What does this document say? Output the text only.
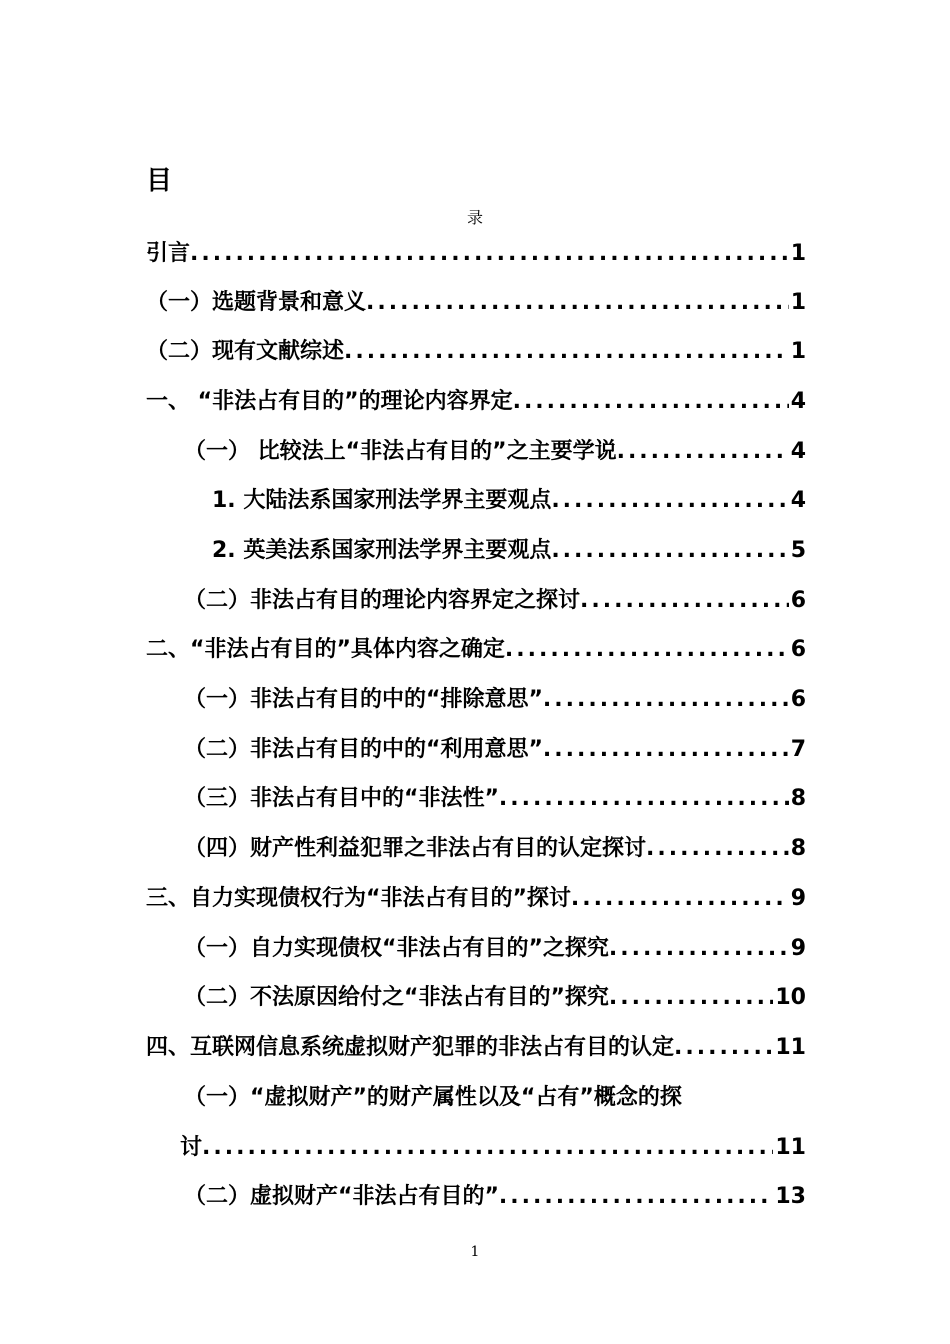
目
录
引言 .....	1
（一）选题背景和意义 .....	1
（二）现有文献综述 .....	1
一、 “非法占有目的”的理论内容界定 .....	4
（一） 比较法上“非法占有目的”之主要学说 .....	4
1. 大陆法系国家刑法学界主要观点 .....	4
2. 英美法系国家刑法学界主要观点 .....	5
（二）非法占有目的理论内容界定之探讨 .....	6
二、“非法占有目的”具体内容之确定 .....	6
（一）非法占有目的中的“排除意思” .....	6
（二）非法占有目的中的“利用意思” .....	7
（三）非法占有目中的“非法性” .....	8
（四）财产性利益犯罪之非法占有目的认定探讨 .....	8
三、自力实现债权行为“非法占有目的”探讨 .....	9
（一）自力实现债权“非法占有目的”之探究 .....	9
（二）不法原因给付之“非法占有目的”探究 .....	10
四、互联网信息系统虚拟财产犯罪的非法占有目的认定 .....	11
（一）“虚拟财产”的财产属性以及“占有”概念的探
讨 .....	11
（二）虚拟财产“非法占有目的” .....	13
1
